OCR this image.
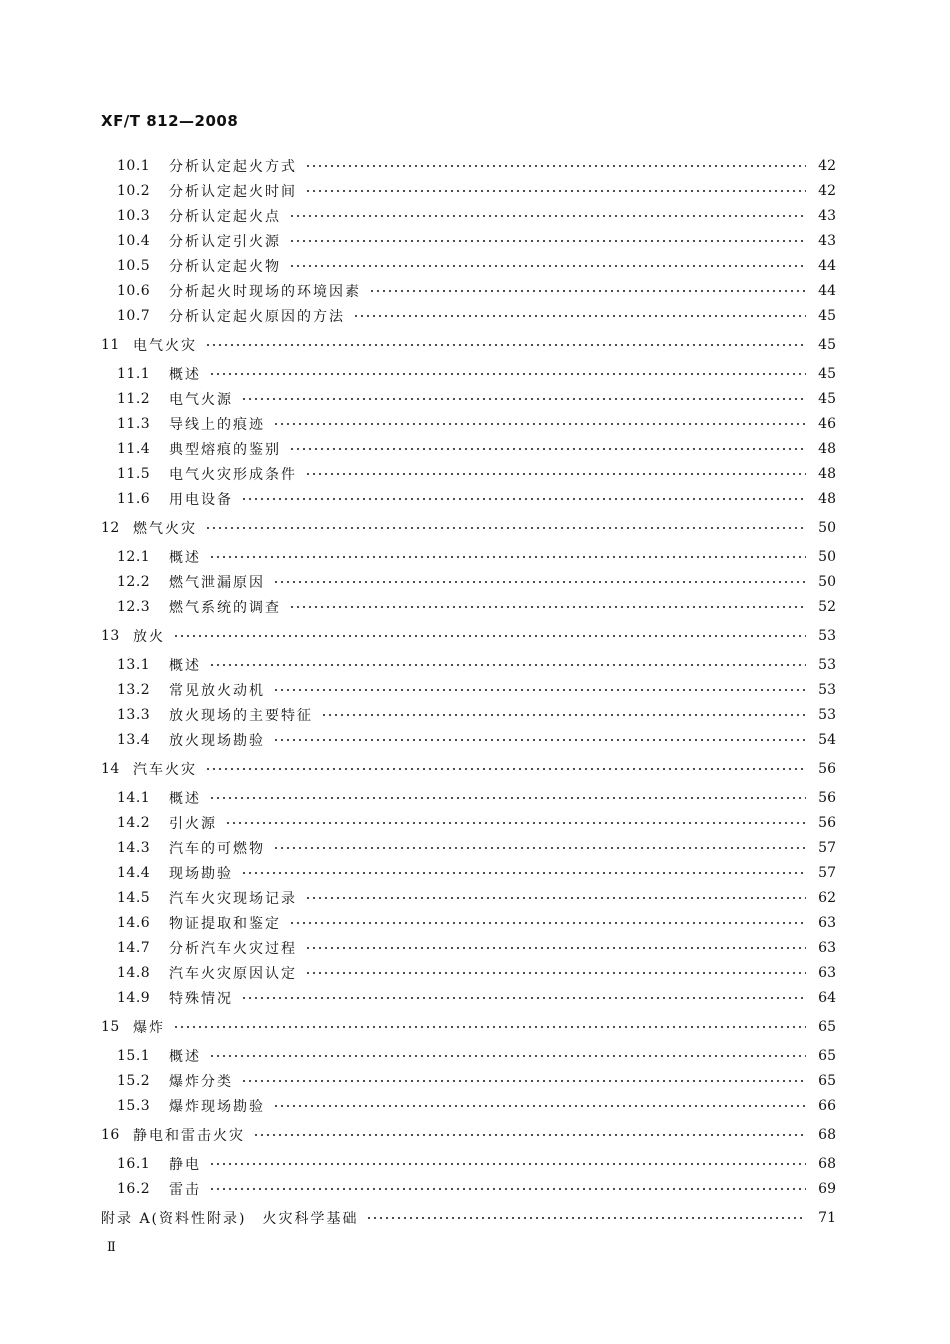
XF/T 812—2008
10.1	分析认定起火方式	42
10.2	分析认定起火时间	42
10.3	分析认定起火点	43
10.4	分析认定引火源	43
10.5	分析认定起火物	44
10.6	分析起火时现场的环境因素	44
10.7	分析认定起火原因的方法	45
11 电气火灾	45
11.1	概述	45
11.2	电气火源	45
11.3	导线上的痕迹	46
11.4	典型熔痕的鉴别	48
11.5	电气火灾形成条件	48
11.6	用电设备	48
12 燃气火灾	50
12.1	概述	50
12.2	燃气泄漏原因	50
12.3	燃气系统的调查	52
13 放火	53
13.1	概述	53
13.2	常见放火动机	53
13.3	放火现场的主要特征	53
13.4	放火现场勘验	54
14 汽车火灾	56
14.1	概述	56
14.2	引火源	56
14.3	汽车的可燃物	57
14.4	现场勘验	57
14.5	汽车火灾现场记录	62
14.6	物证提取和鉴定	63
14.7	分析汽车火灾过程	63
14.8	汽车火灾原因认定	63
14.9	特殊情况	64
15 爆炸	65
15.1	概述	65
15.2	爆炸分类	65
15.3	爆炸现场勘验	66
16 静电和雷击火灾	68
16.1	静电	68
16.2	雷击	69
附录 A(资料性附录)　火灾科学基础	71
Ⅱ
